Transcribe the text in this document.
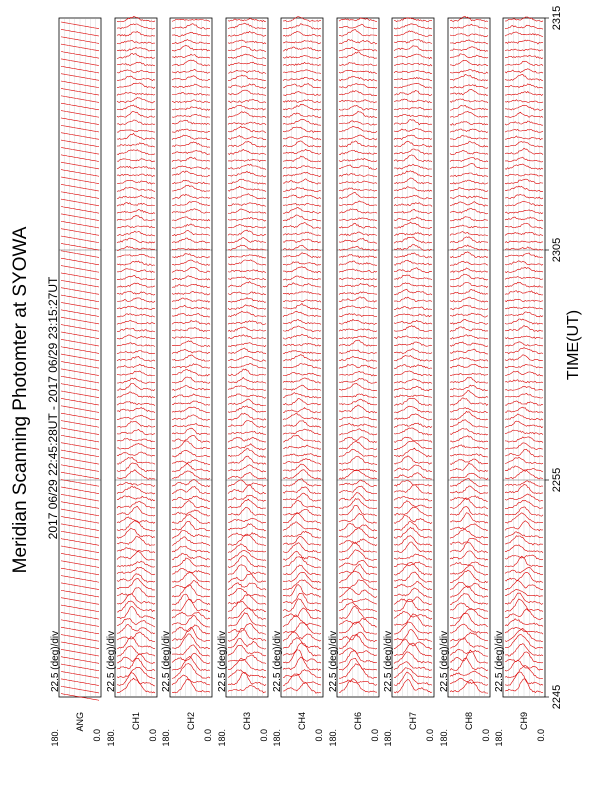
180.	0.0
ANG
22.5 (deg)/div
180.	0.0
CH1
22.5 (deg)/div
180.	0.0
CH2
22.5 (deg)/div
180.	0.0
CH3
22.5 (deg)/div
180.	0.0
CH4
22.5 (deg)/div
180.	0.0
CH6
22.5 (deg)/div
180.	0.0
CH7
22.5 (deg)/div
180.	0.0
CH8
22.5 (deg)/div
180.	0.0
CH9
22.5 (deg)/div
Meridian Scanning Photomter at SYOWA 2017 06/29 22:45:28UT - 2017 06/29 23:15:27UT	TIME(UT)
2245
2255
2305
2315
